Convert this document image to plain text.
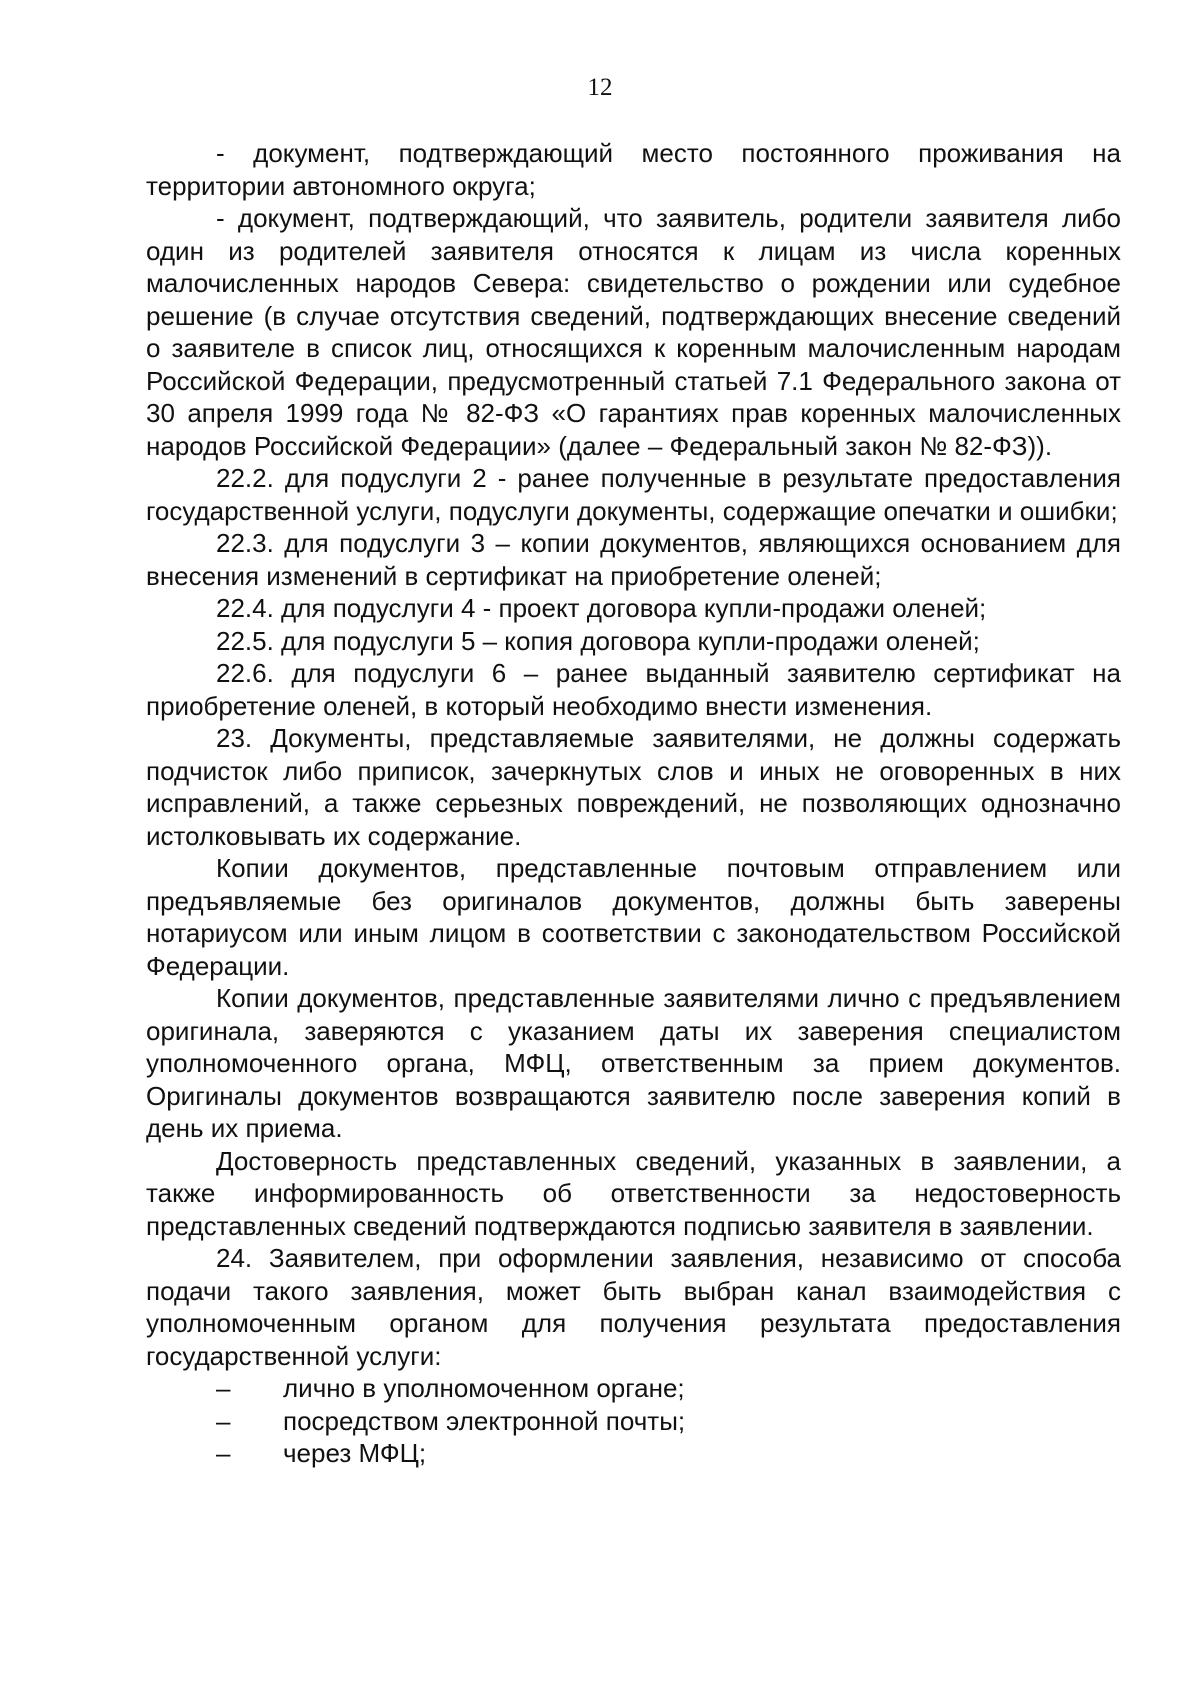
12

- документ, подтверждающий место постоянного проживания на территории автономного округа;

- документ, подтверждающий, что заявитель, родители заявителя либо один из родителей заявителя относятся к лицам из числа коренных малочисленных народов Севера: свидетельство о рождении или судебное решение (в случае отсутствия сведений, подтверждающих внесение сведений о заявителе в список лиц, относящихся к коренным малочисленным народам Российской Федерации, предусмотренный статьей 7.1 Федерального закона от 30 апреля 1999 года № 82-ФЗ «О гарантиях прав коренных малочисленных народов Российской Федерации» (далее – Федеральный закон № 82-ФЗ)).

22.2. для подуслуги 2 - ранее полученные в результате предоставления государственной услуги, подуслуги документы, содержащие опечатки и ошибки;

22.3. для подуслуги 3 – копии документов, являющихся основанием для внесения изменений в сертификат на приобретение оленей;

22.4. для подуслуги 4 - проект договора купли-продажи оленей;

22.5. для подуслуги 5 – копия договора купли-продажи оленей;

22.6. для подуслуги 6 – ранее выданный заявителю сертификат на приобретение оленей, в который необходимо внести изменения.

23. Документы, представляемые заявителями, не должны содержать подчисток либо приписок, зачеркнутых слов и иных не оговоренных в них исправлений, а также серьезных повреждений, не позволяющих однозначно истолковывать их содержание.

Копии документов, представленные почтовым отправлением или предъявляемые без оригиналов документов, должны быть заверены нотариусом или иным лицом в соответствии с законодательством Российской Федерации.

Копии документов, представленные заявителями лично с предъявлением оригинала, заверяются с указанием даты их заверения специалистом уполномоченного органа, МФЦ, ответственным за прием документов. Оригиналы документов возвращаются заявителю после заверения копий в день их приема.

Достоверность представленных сведений, указанных в заявлении, а также информированность об ответственности за недостоверность представленных сведений подтверждаются подписью заявителя в заявлении.

24. Заявителем, при оформлении заявления, независимо от способа подачи такого заявления, может быть выбран канал взаимодействия с уполномоченным органом для получения результата предоставления государственной услуги:

–	лично в уполномоченном органе;
–	посредством электронной почты;
–	через МФЦ;
